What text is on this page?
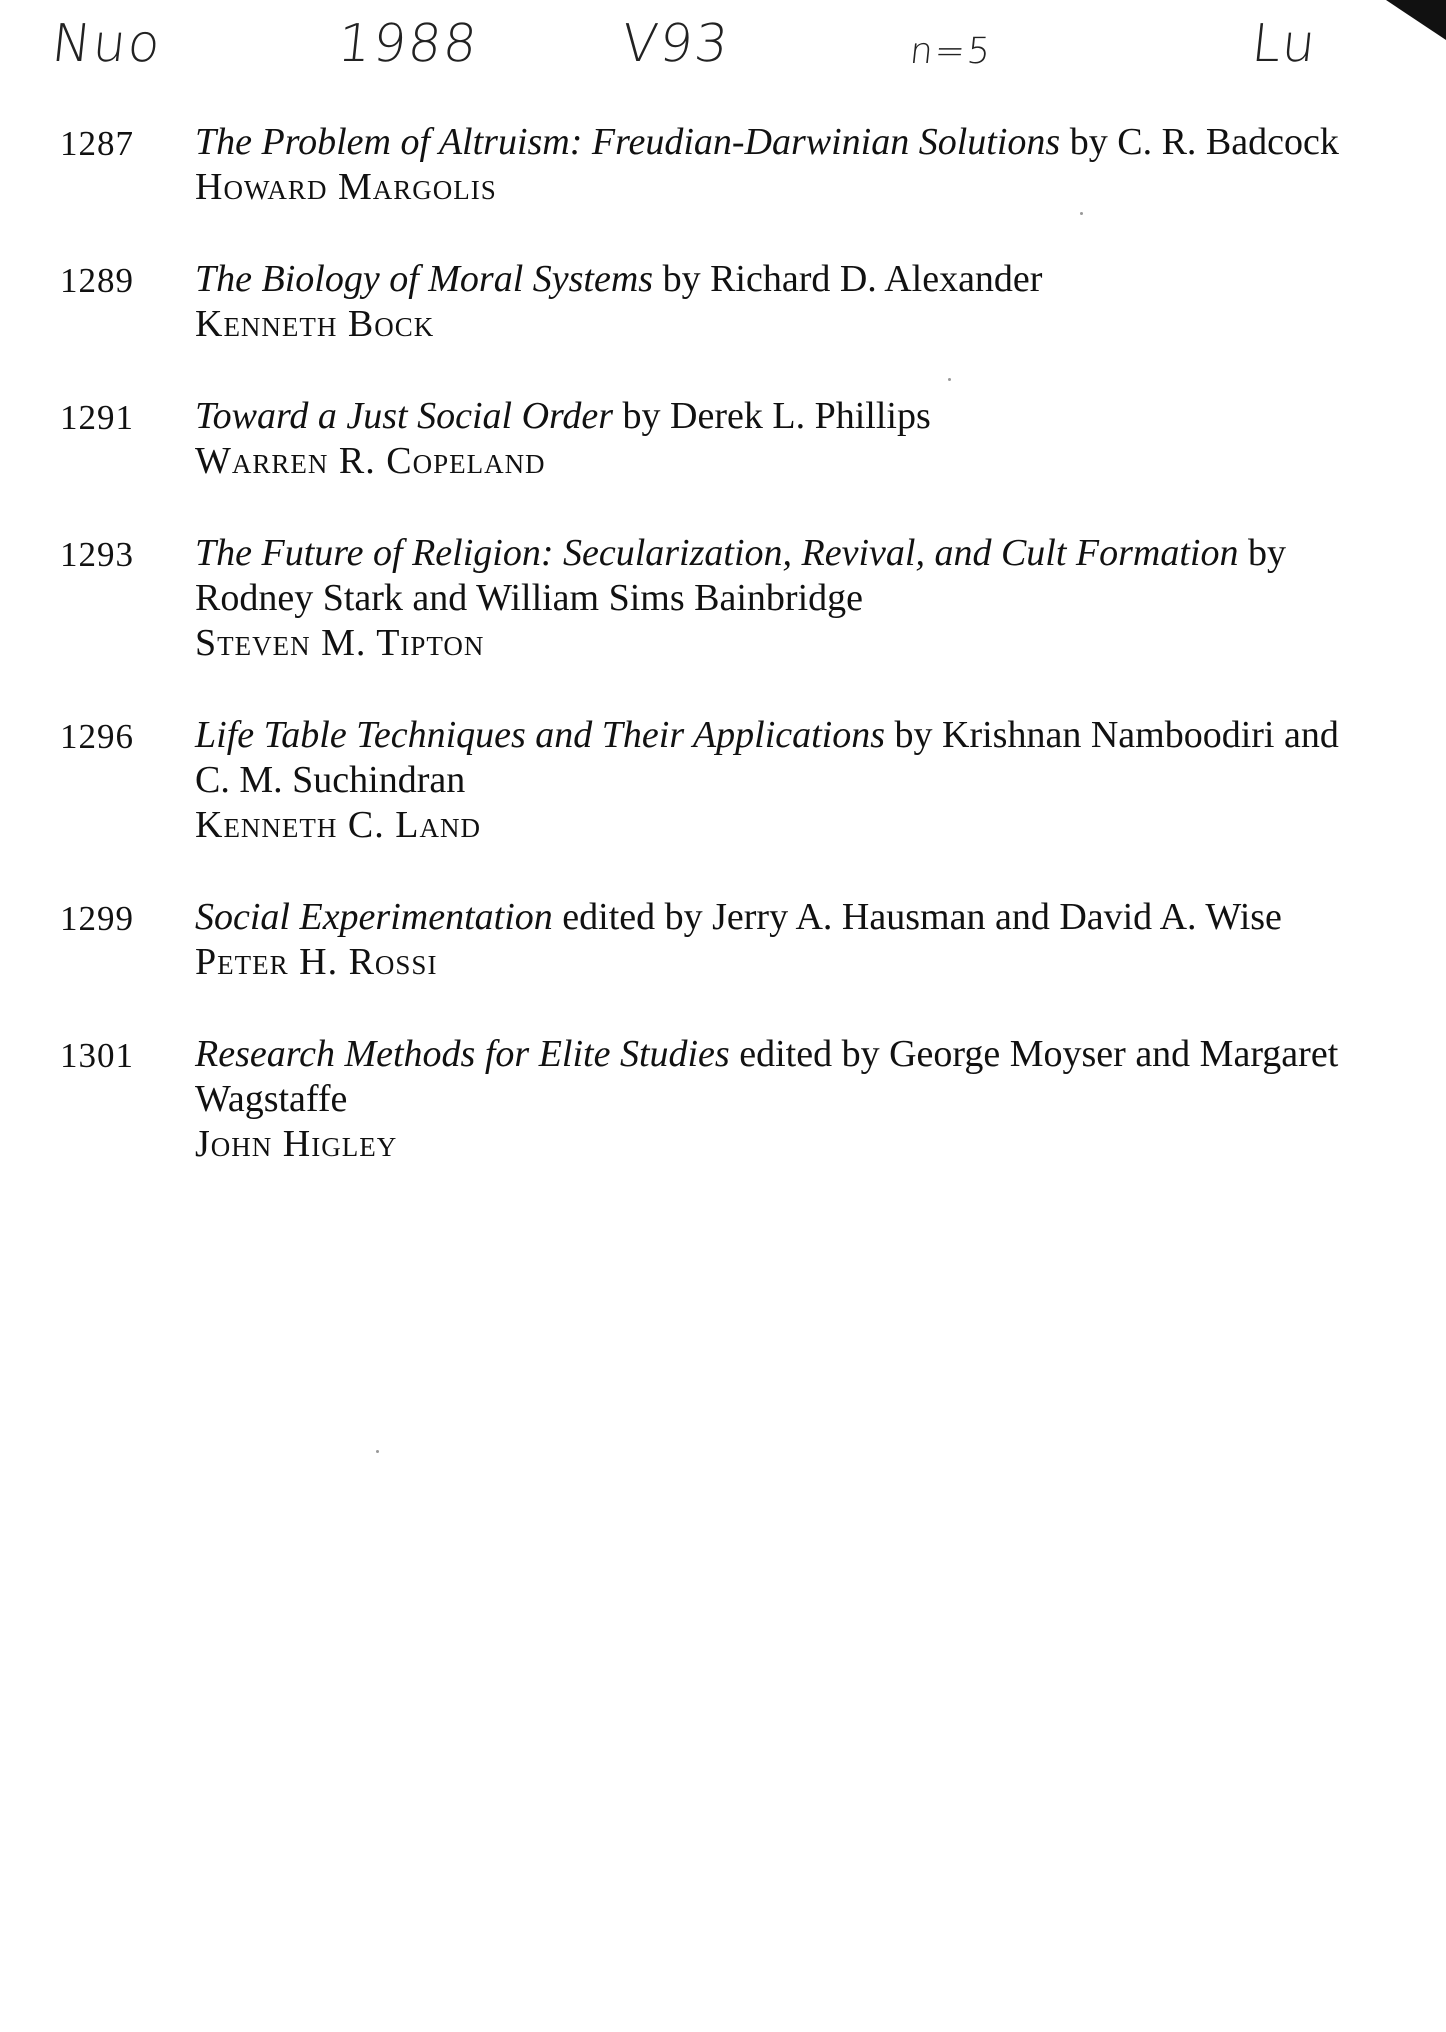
Nuo	1988	V93	n=5	Lu
1287	The Problem of Altruism: Freudian-Darwinian Solutions by C. R. Badcock
Howard Margolis
1289	The Biology of Moral Systems by Richard D. Alexander
Kenneth Bock
1291	Toward a Just Social Order by Derek L. Phillips
Warren R. Copeland
1293	The Future of Religion: Secularization, Revival, and Cult Formation by Rodney Stark and William Sims Bainbridge
Steven M. Tipton
1296	Life Table Techniques and Their Applications by Krishnan Namboodiri and C. M. Suchindran
Kenneth C. Land
1299	Social Experimentation edited by Jerry A. Hausman and David A. Wise
Peter H. Rossi
1301	Research Methods for Elite Studies edited by George Moyser and Margaret Wagstaffe
John Higley
